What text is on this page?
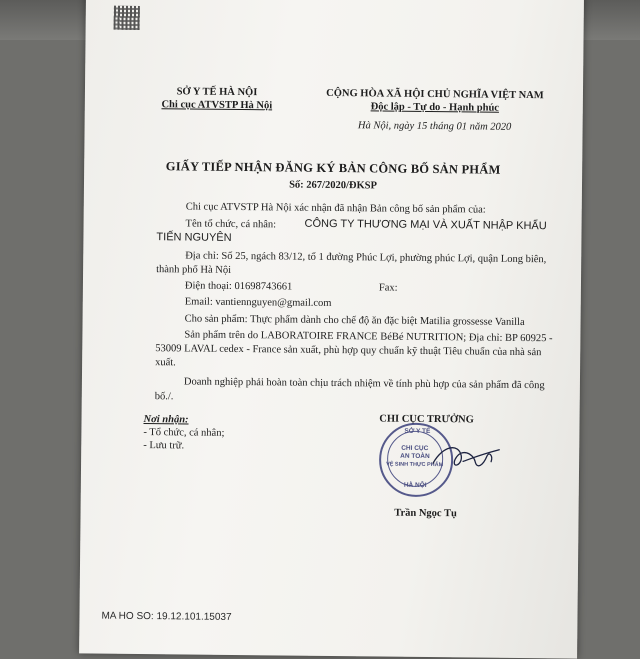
SỞ Y TẾ HÀ NỘI
Chi cục ATVSTP Hà Nội
CỘNG HÒA XÃ HỘI CHỦ NGHĨA VIỆT NAM
Độc lập - Tự do - Hạnh phúc
Hà Nội, ngày 15 tháng 01 năm 2020
GIẤY TIẾP NHẬN ĐĂNG KÝ BẢN CÔNG BỐ SẢN PHẨM
Số: 267/2020/ĐKSP
Chi cục ATVSTP Hà Nội xác nhận đã nhận Bản công bố sản phẩm của:
Tên tổ chức, cá nhân:	CÔNG TY THƯƠNG MẠI VÀ XUẤT NHẬP KHẨU
TIẾN NGUYÊN
Địa chỉ: Số 25, ngách 83/12, tổ 1 đường Phúc Lợi, phường phúc Lợi, quận Long biên,
thành phố Hà Nội
Điện thoại: 01698743661	Fax:
Email: vantiennguyen@gmail.com
Cho sản phẩm: Thực phẩm dành cho chế độ ăn đặc biệt Matilia grossesse Vanilla
Sản phẩm trên do LABORATOIRE FRANCE BéBé NUTRITION; Địa chỉ: BP 60925 -
53009 LAVAL cedex - France sản xuất, phù hợp quy chuẩn kỹ thuật Tiêu chuẩn của nhà sản
xuất.
Doanh nghiệp phải hoàn toàn chịu trách nhiệm về tính phù hợp của sản phẩm đã công
bố./.
Nơi nhận:
- Tổ chức, cá nhân;
- Lưu trữ.
CHI CỤC TRƯỞNG
SỞ Y TẾ
CHI CỤC
AN TOÀN
VỆ SINH THỰC PHẨM
HÀ NỘI
Trần Ngọc Tụ
MA HO SO: 19.12.101.15037
